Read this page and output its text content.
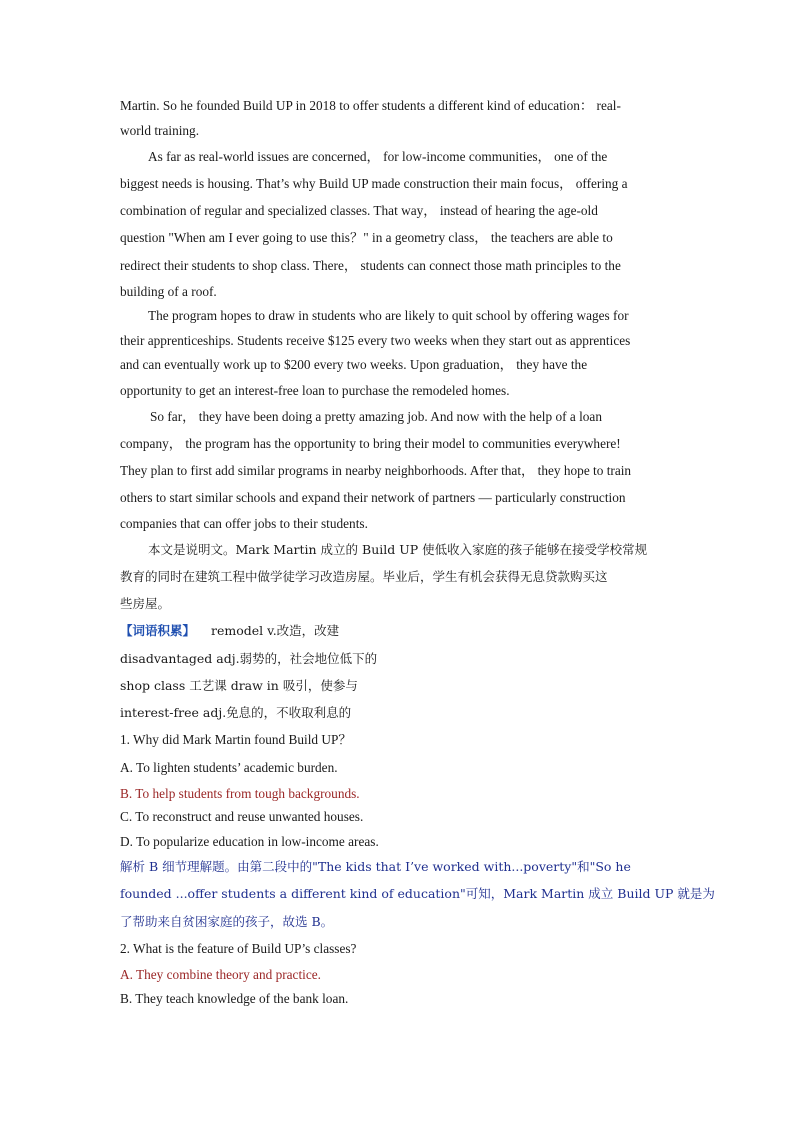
Martin. So he founded Build UP in 2018 to offer students a different kind of education： real-
world training.
As far as real-world issues are concerned， for low-income communities， one of the
biggest needs is housing. That’s why Build UP made construction their main focus， offering a
combination of regular and specialized classes. That way， instead of hearing the age-old
question "When am I ever going to use this？" in a geometry class， the teachers are able to
redirect their students to shop class. There， students can connect those math principles to the
building of a roof.
The program hopes to draw in students who are likely to quit school by offering wages for
their apprenticeships. Students receive $125 every two weeks when they start out as apprentices
and can eventually work up to $200 every two weeks. Upon graduation， they have the
opportunity to get an interest-free loan to purchase the remodeled homes.
So far， they have been doing a pretty amazing job. And now with the help of a loan
company， the program has the opportunity to bring their model to communities everywhere!
They plan to first add similar programs in nearby neighborhoods. After that， they hope to train
others to start similar schools and expand their network of partners — particularly construction
companies that can offer jobs to their students.
本文是说明文。Mark Martin 成立的 Build UP 使低收入家庭的孩子能够在接受学校常规
教育的同时在建筑工程中做学徒学习改造房屋。毕业后，学生有机会获得无息贷款购买这
些房屋。
【词语积累】 remodel v.改造，改建
disadvantaged adj.弱势的，社会地位低下的
shop class 工艺课 draw in 吸引，使参与
interest-free adj.免息的，不收取利息的
1. Why did Mark Martin found Build UP？
A. To lighten students’ academic burden.
B. To help students from tough backgrounds.
C. To reconstruct and reuse unwanted houses.
D. To popularize education in low-income areas.
解析 B 细节理解题。由第二段中的"The kids that I’ve worked with...poverty"和"So he
founded ...offer students a different kind of education"可知，Mark Martin 成立 Build UP 就是为
了帮助来自贫困家庭的孩子，故选 B。
2. What is the feature of Build UP’s classes?
A. They combine theory and practice.
B. They teach knowledge of the bank loan.
